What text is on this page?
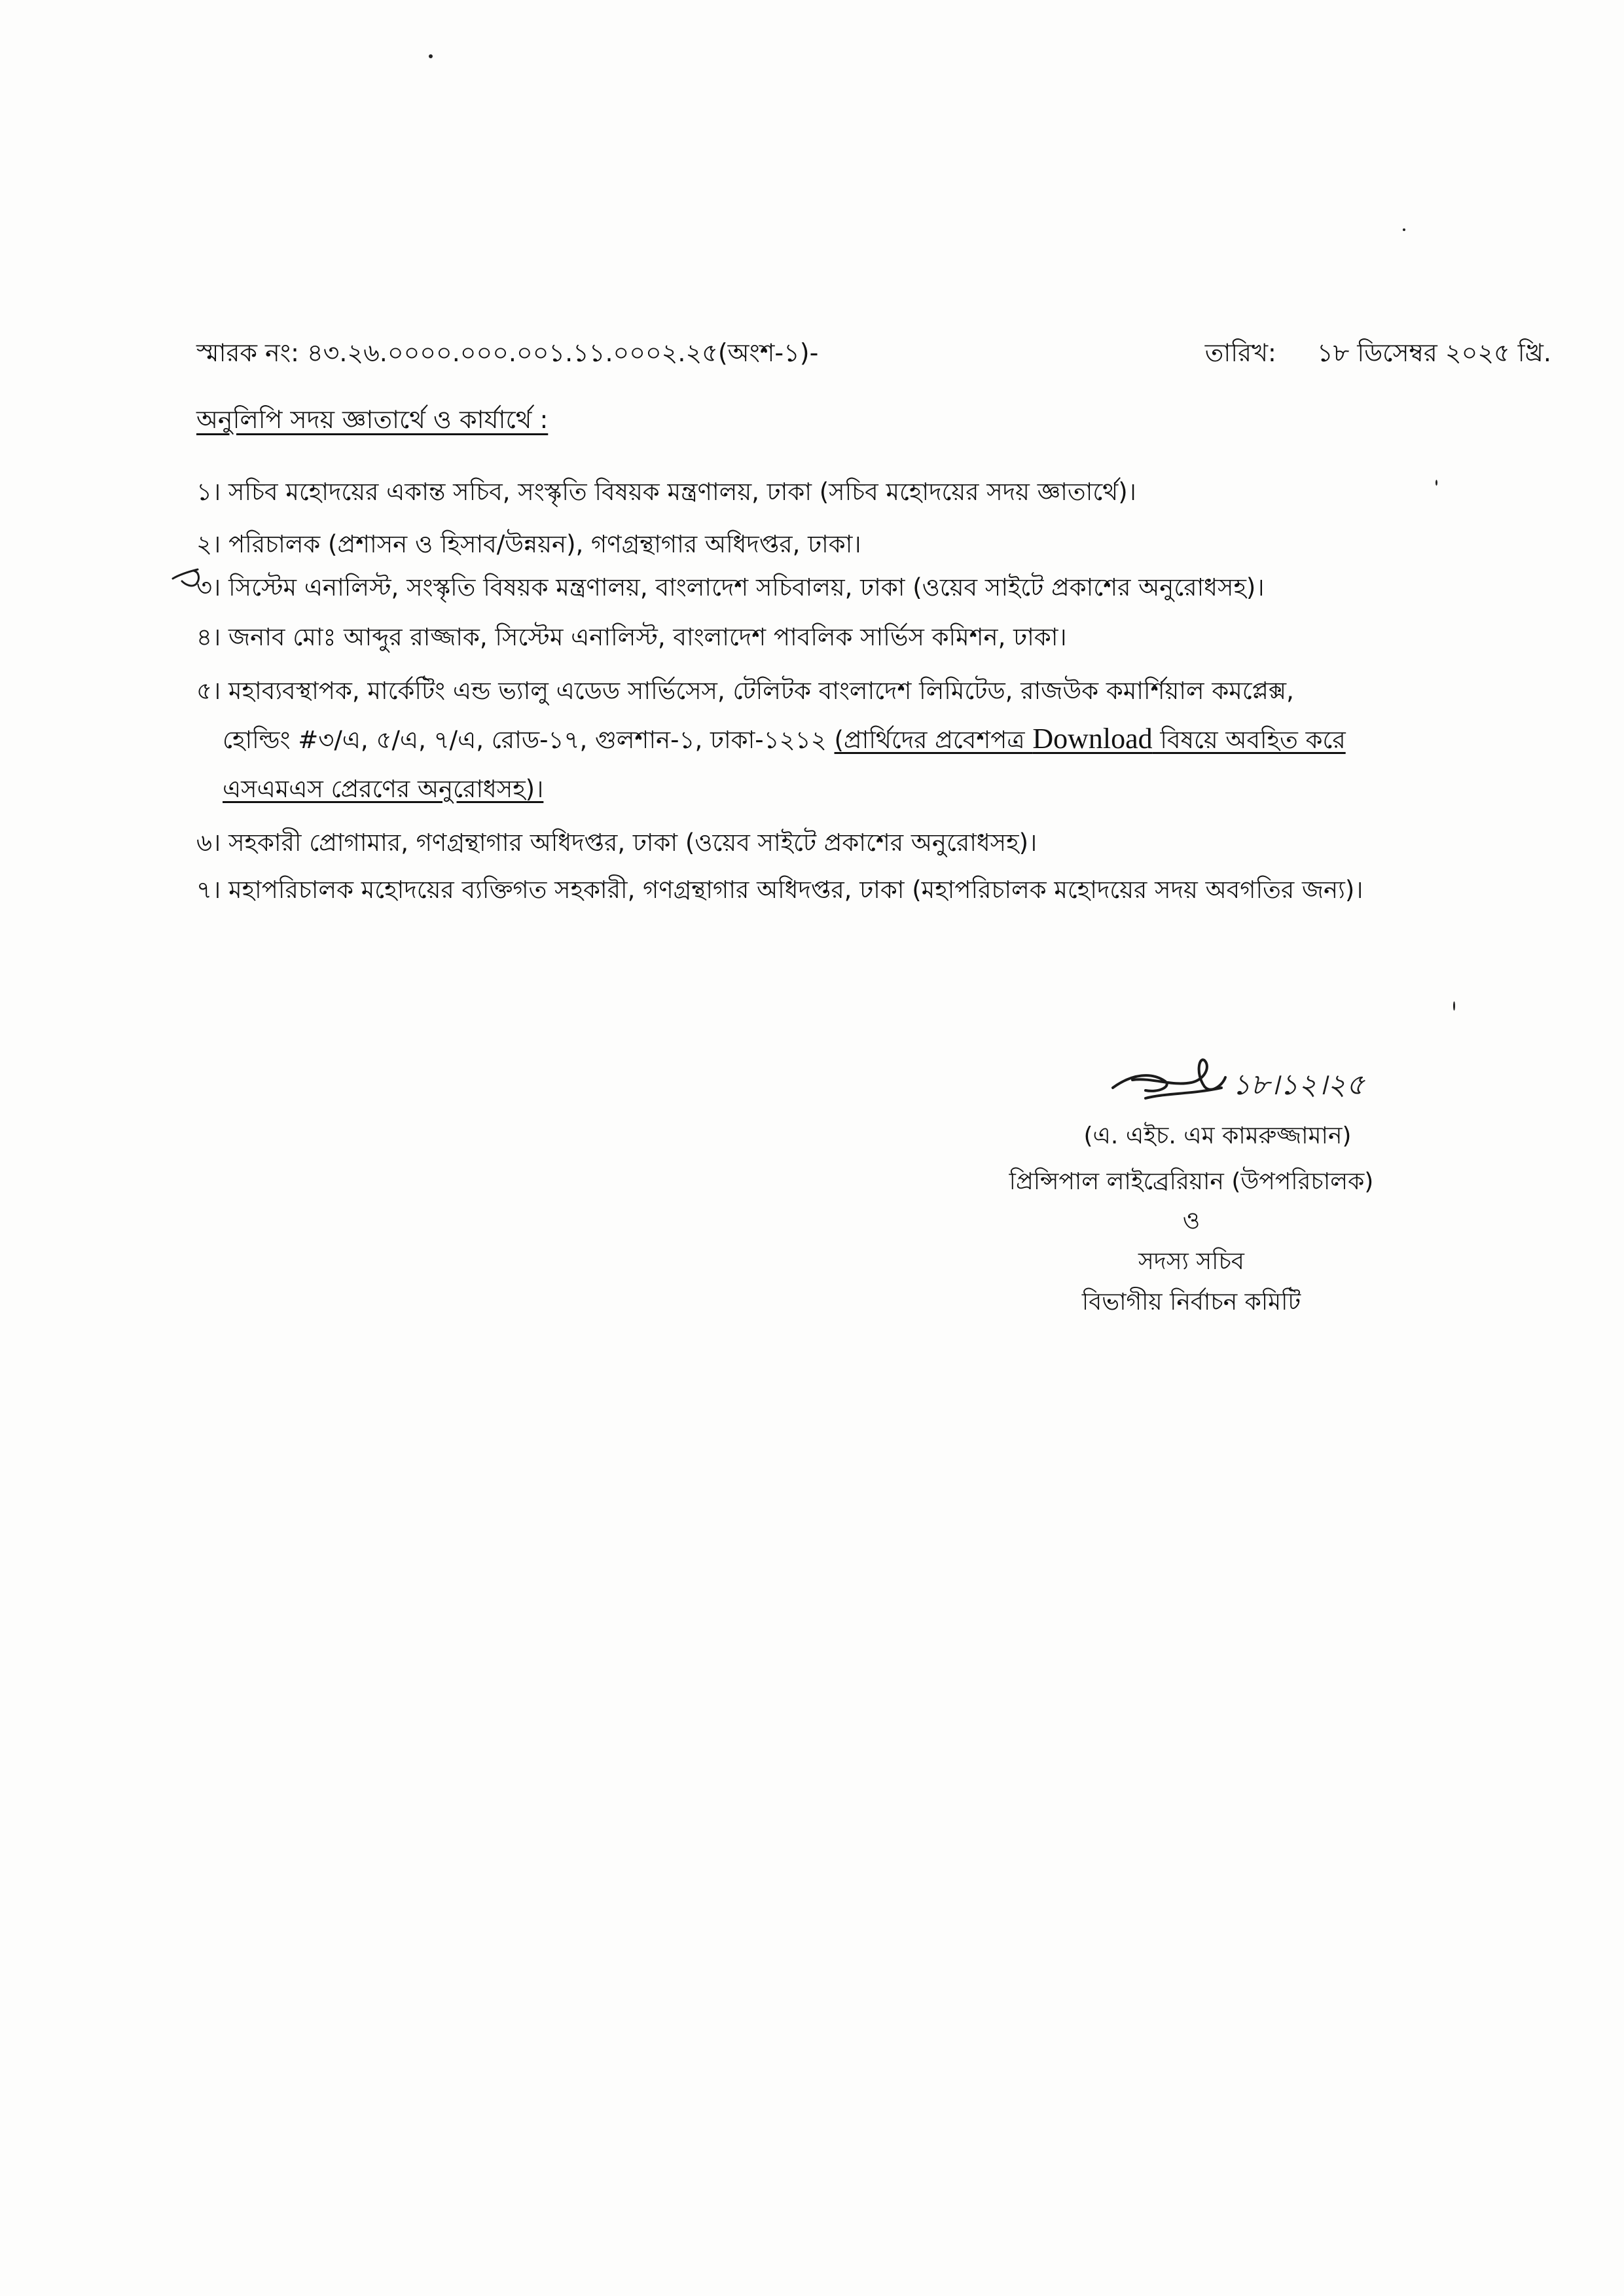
স্মারক নং: ৪৩.২৬.০০০০.০০০.০০১.১১.০০০২.২৫(অংশ-১)-	তারিখ: ১৮ ডিসেম্বর ২০২৫ খ্রি.
অনুলিপি সদয় জ্ঞাতার্থে ও কার্যার্থে :
১। সচিব মহোদয়ের একান্ত সচিব, সংস্কৃতি বিষয়ক মন্ত্রণালয়, ঢাকা (সচিব মহোদয়ের সদয় জ্ঞাতার্থে)।
২। পরিচালক (প্রশাসন ও হিসাব/উন্নয়ন), গণগ্রন্থাগার অধিদপ্তর, ঢাকা।
৩। সিস্টেম এনালিস্ট, সংস্কৃতি বিষয়ক মন্ত্রণালয়, বাংলাদেশ সচিবালয়, ঢাকা (ওয়েব সাইটে প্রকাশের অনুরোধসহ)।
৪। জনাব মোঃ আব্দুর রাজ্জাক, সিস্টেম এনালিস্ট, বাংলাদেশ পাবলিক সার্ভিস কমিশন, ঢাকা।
৫। মহাব্যবস্থাপক, মার্কেটিং এন্ড ভ্যালু এডেড সার্ভিসেস, টেলিটক বাংলাদেশ লিমিটেড, রাজউক কমার্শিয়াল কমপ্লেক্স,
হোল্ডিং #৩/এ, ৫/এ, ৭/এ, রোড-১৭, গুলশান-১, ঢাকা-১২১২ (প্রার্থিদের প্রবেশপত্র Download বিষয়ে অবহিত করে
এসএমএস প্রেরণের অনুরোধসহ)।
৬। সহকারী প্রোগামার, গণগ্রন্থাগার অধিদপ্তর, ঢাকা (ওয়েব সাইটে প্রকাশের অনুরোধসহ)।
৭। মহাপরিচালক মহোদয়ের ব্যক্তিগত সহকারী, গণগ্রন্থাগার অধিদপ্তর, ঢাকা (মহাপরিচালক মহোদয়ের সদয় অবগতির জন্য)।
১৮।১২।২৫
(এ. এইচ. এম কামরুজ্জামান)
প্রিন্সিপাল লাইব্রেরিয়ান (উপপরিচালক)
ও
সদস্য সচিব
বিভাগীয় নির্বাচন কমিটি
